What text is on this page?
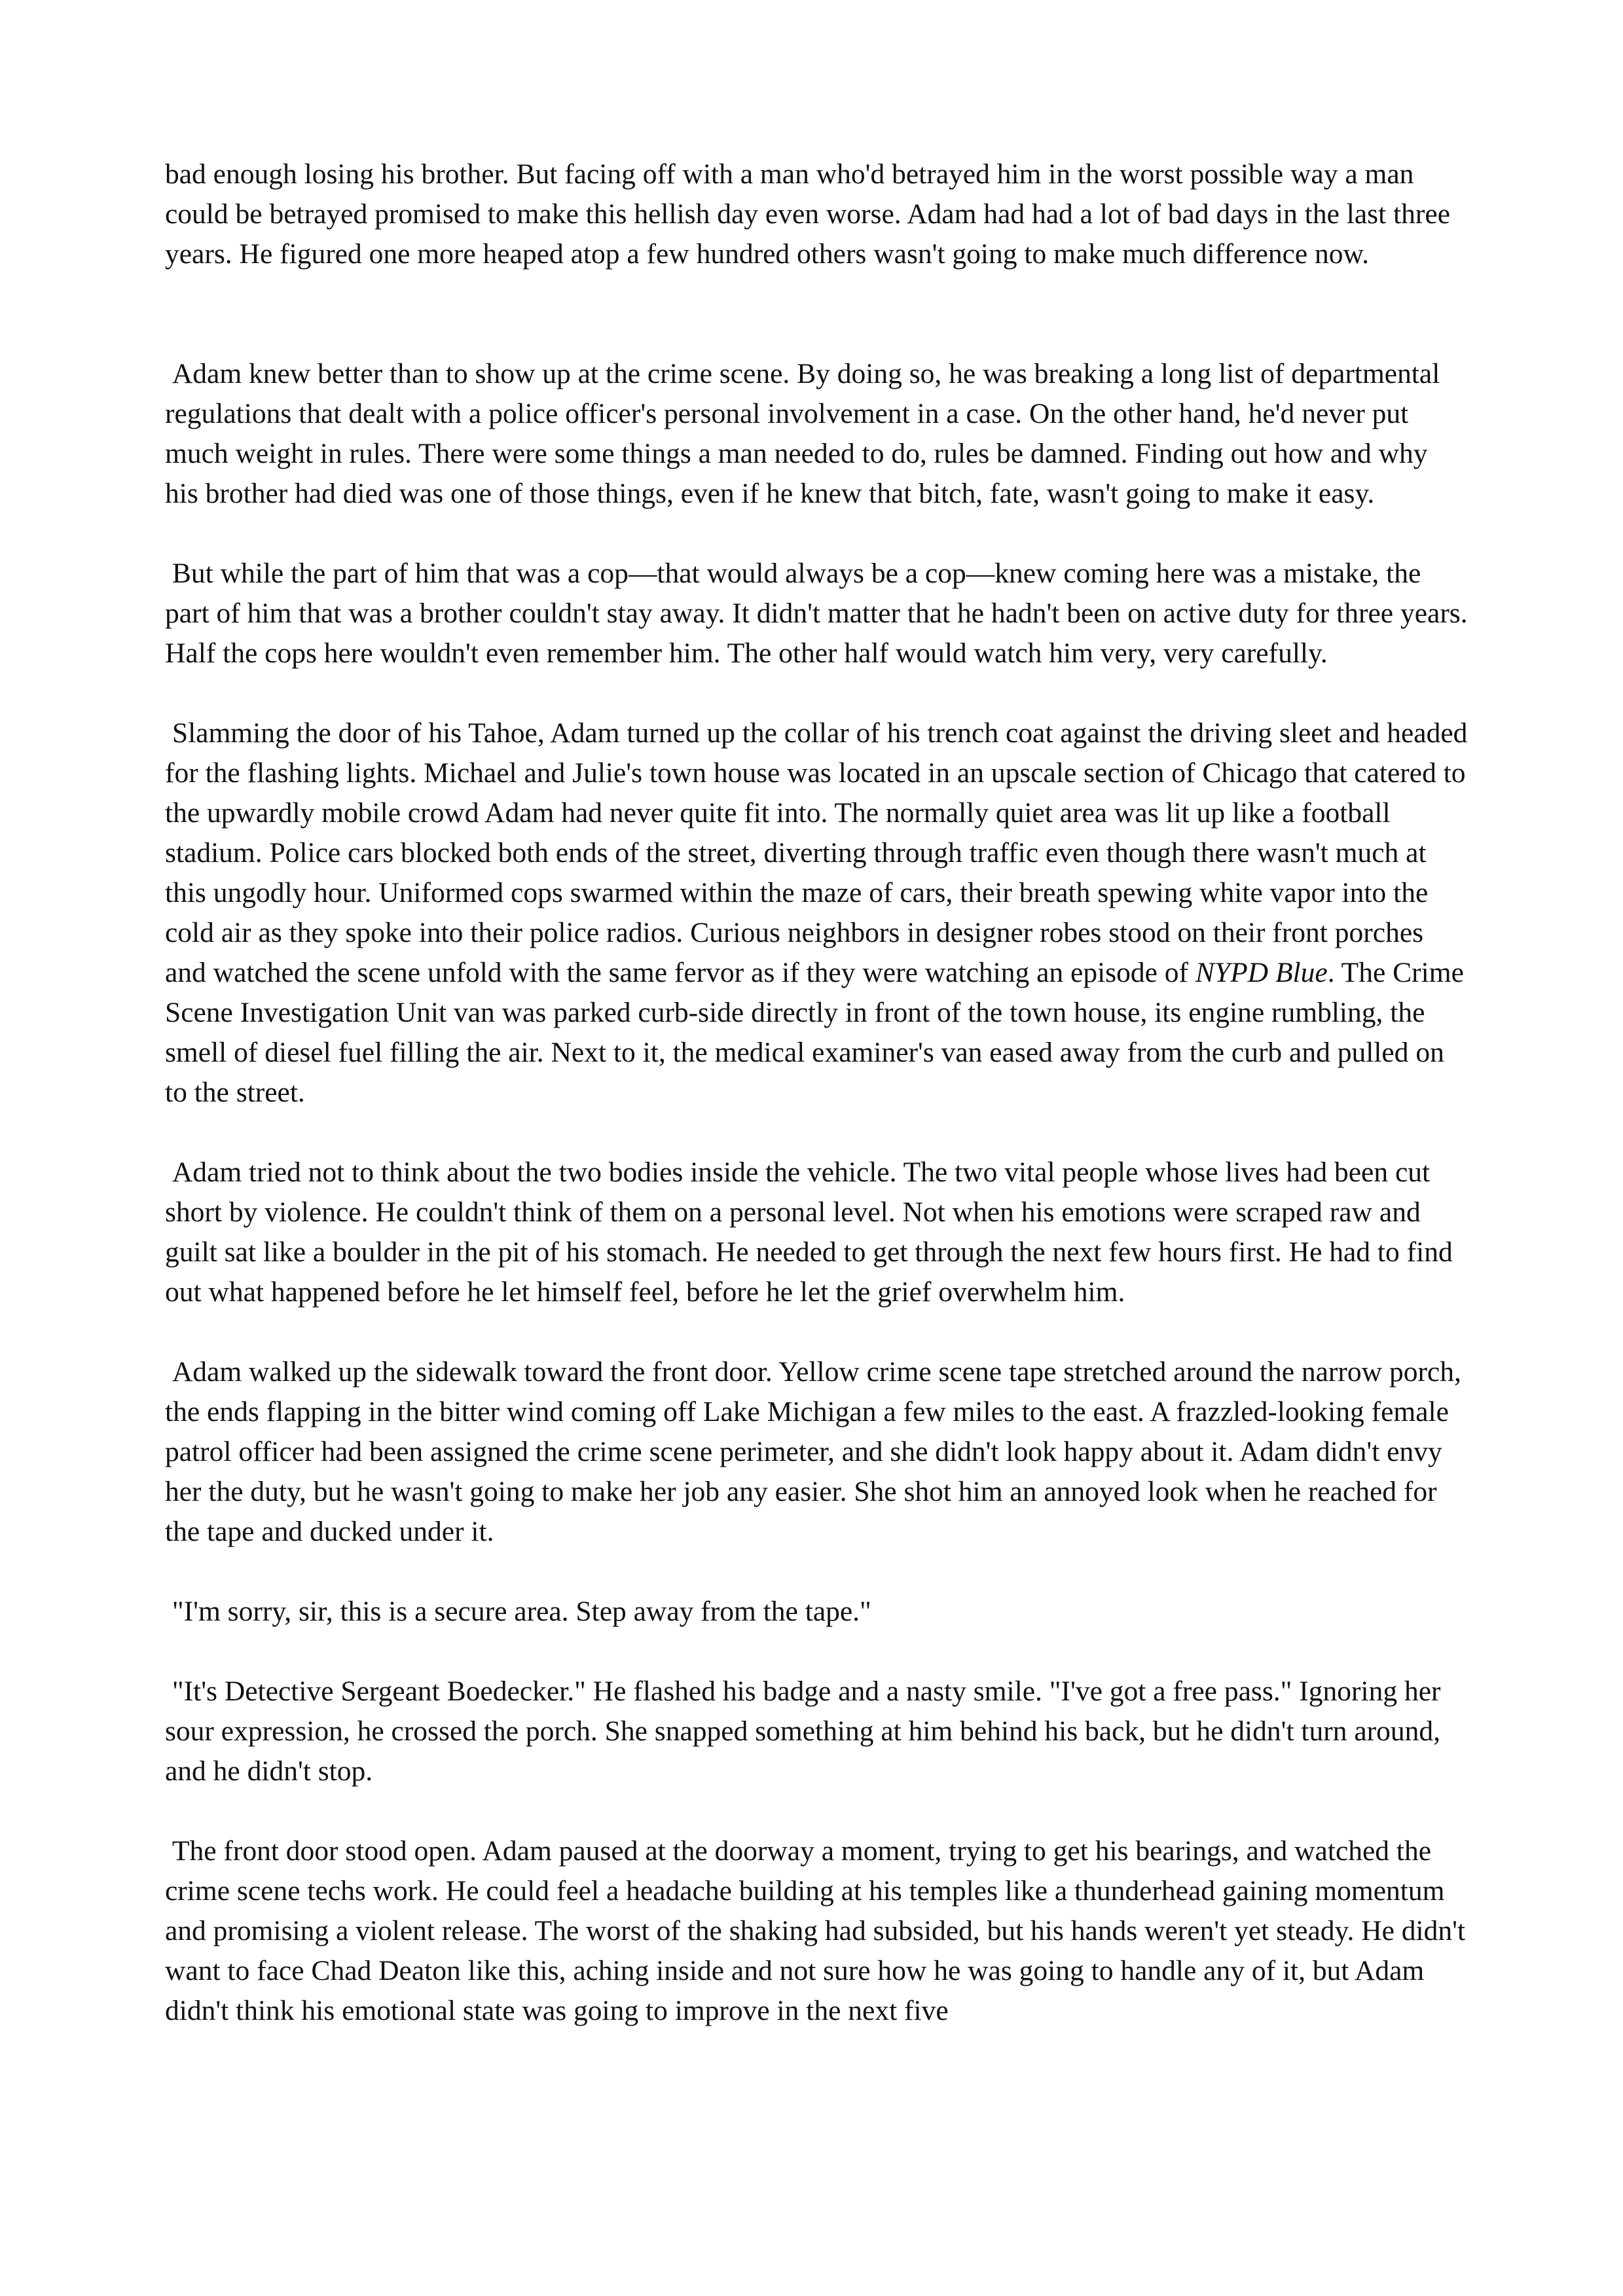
bad enough losing his brother. But facing off with a man who'd betrayed him in the worst possible way a man could be betrayed promised to make this hellish day even worse. Adam had had a lot of bad days in the last three years. He figured one more heaped atop a few hundred others wasn't going to make much difference now.

Adam knew better than to show up at the crime scene. By doing so, he was breaking a long list of departmental regulations that dealt with a police officer's personal involvement in a case. On the other hand, he'd never put much weight in rules. There were some things a man needed to do, rules be damned. Finding out how and why his brother had died was one of those things, even if he knew that bitch, fate, wasn't going to make it easy.

But while the part of him that was a cop—that would always be a cop—knew coming here was a mistake, the part of him that was a brother couldn't stay away. It didn't matter that he hadn't been on active duty for three years. Half the cops here wouldn't even remember him. The other half would watch him very, very carefully.

Slamming the door of his Tahoe, Adam turned up the collar of his trench coat against the driving sleet and headed for the flashing lights. Michael and Julie's town house was located in an upscale section of Chicago that catered to the upwardly mobile crowd Adam had never quite fit into. The normally quiet area was lit up like a football stadium. Police cars blocked both ends of the street, diverting through traffic even though there wasn't much at this ungodly hour. Uniformed cops swarmed within the maze of cars, their breath spewing white vapor into the cold air as they spoke into their police radios. Curious neighbors in designer robes stood on their front porches and watched the scene unfold with the same fervor as if they were watching an episode of NYPD Blue. The Crime Scene Investigation Unit van was parked curb-side directly in front of the town house, its engine rumbling, the smell of diesel fuel filling the air. Next to it, the medical examiner's van eased away from the curb and pulled on to the street.

Adam tried not to think about the two bodies inside the vehicle. The two vital people whose lives had been cut short by violence. He couldn't think of them on a personal level. Not when his emotions were scraped raw and guilt sat like a boulder in the pit of his stomach. He needed to get through the next few hours first. He had to find out what happened before he let himself feel, before he let the grief overwhelm him.

Adam walked up the sidewalk toward the front door. Yellow crime scene tape stretched around the narrow porch, the ends flapping in the bitter wind coming off Lake Michigan a few miles to the east. A frazzled-looking female patrol officer had been assigned the crime scene perimeter, and she didn't look happy about it. Adam didn't envy her the duty, but he wasn't going to make her job any easier. She shot him an annoyed look when he reached for the tape and ducked under it.

"I'm sorry, sir, this is a secure area. Step away from the tape."

"It's Detective Sergeant Boedecker." He flashed his badge and a nasty smile. "I've got a free pass." Ignoring her sour expression, he crossed the porch. She snapped something at him behind his back, but he didn't turn around, and he didn't stop.

The front door stood open. Adam paused at the doorway a moment, trying to get his bearings, and watched the crime scene techs work. He could feel a headache building at his temples like a thunderhead gaining momentum and promising a violent release. The worst of the shaking had subsided, but his hands weren't yet steady. He didn't want to face Chad Deaton like this, aching inside and not sure how he was going to handle any of it, but Adam didn't think his emotional state was going to improve in the next five
